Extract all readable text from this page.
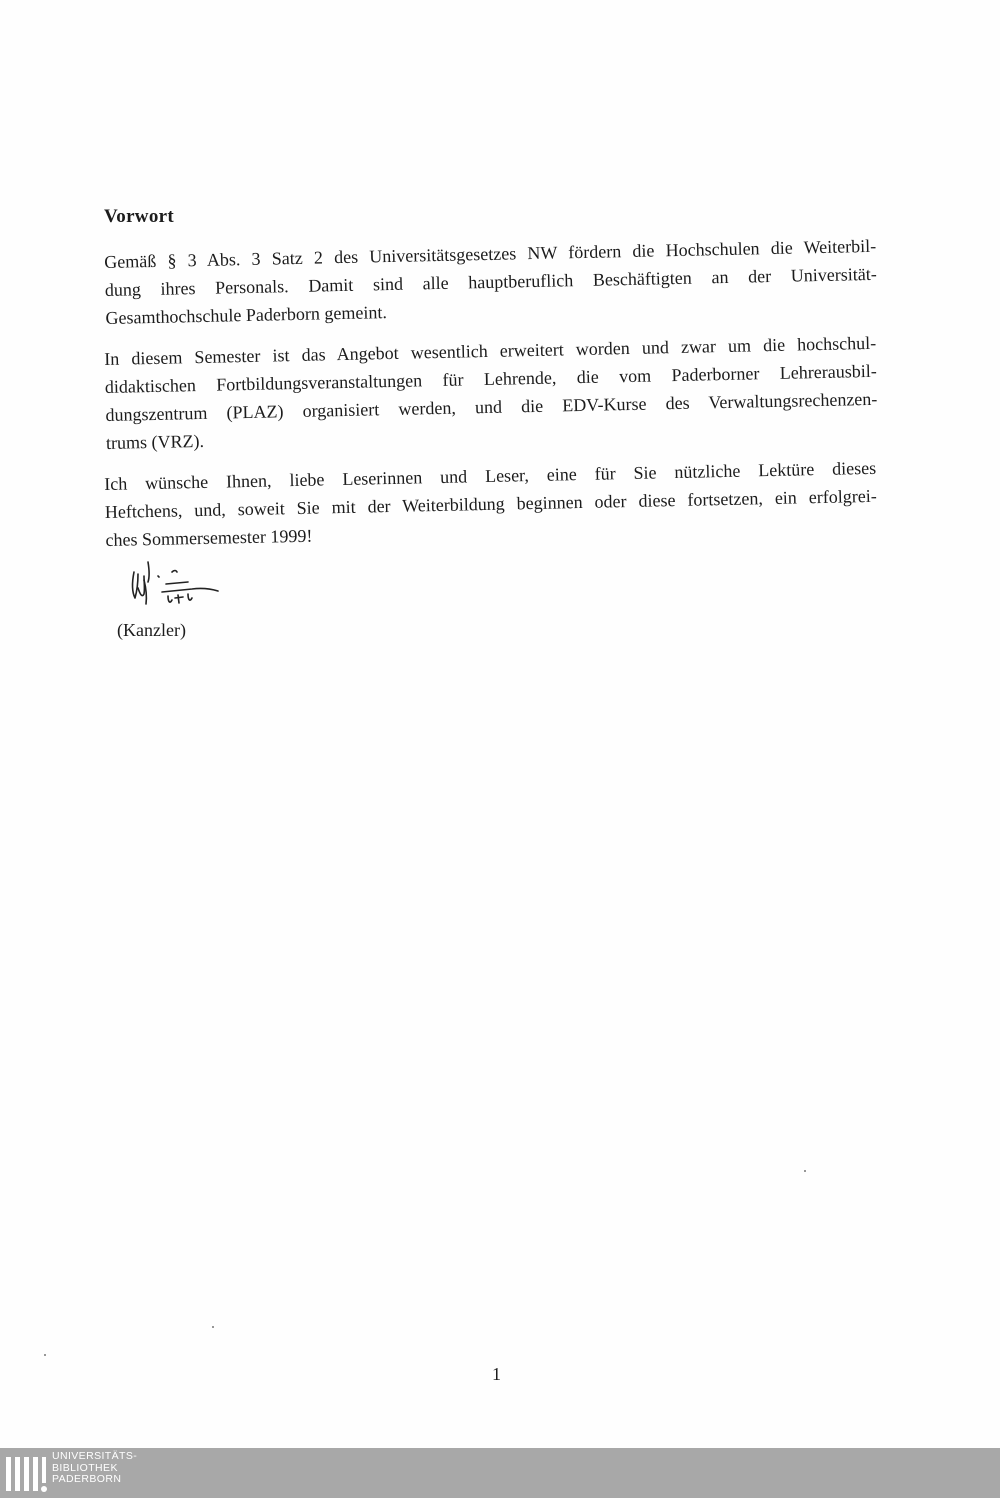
Vorwort

Gemäß § 3 Abs. 3 Satz 2 des Universitätsgesetzes NW fördern die Hochschulen die Weiterbil-
dung ihres Personals. Damit sind alle hauptberuflich Beschäftigten an der Universität-
Gesamthochschule Paderborn gemeint.

In diesem Semester ist das Angebot wesentlich erweitert worden und zwar um die hochschul-
didaktischen Fortbildungsveranstaltungen für Lehrende, die vom Paderborner Lehrerausbil-
dungszentrum (PLAZ) organisiert werden, und die EDV-Kurse des Verwaltungsrechenzen-
trums (VRZ).

Ich wünsche Ihnen, liebe Leserinnen und Leser, eine für Sie nützliche Lektüre dieses
Heftchens, und, soweit Sie mit der Weiterbildung beginnen oder diese fortsetzen, ein erfolgrei-
ches Sommersemester 1999!

(Kanzler)

1

UNIVERSITÄTS-
BIBLIOTHEK
PADERBORN
